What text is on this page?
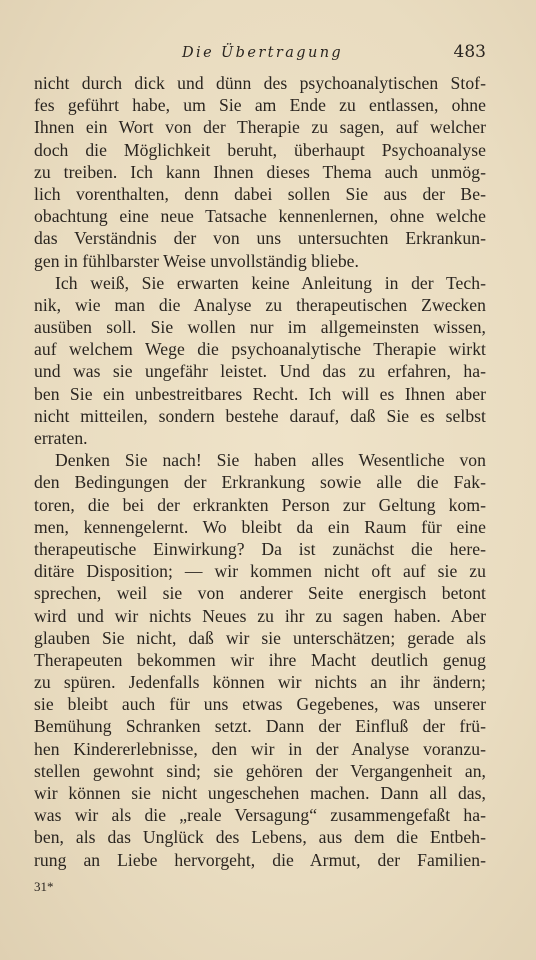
Die Übertragung	483
nicht durch dick und dünn des psychoanalytischen Stof-
fes geführt habe, um Sie am Ende zu entlassen, ohne
Ihnen ein Wort von der Therapie zu sagen, auf welcher
doch die Möglichkeit beruht, überhaupt Psychoanalyse
zu treiben. Ich kann Ihnen dieses Thema auch unmög-
lich vorenthalten, denn dabei sollen Sie aus der Be-
obachtung eine neue Tatsache kennenlernen, ohne welche
das Verständnis der von uns untersuchten Erkrankun-
gen in fühlbarster Weise unvollständig bliebe.
Ich weiß, Sie erwarten keine Anleitung in der Tech-
nik, wie man die Analyse zu therapeutischen Zwecken
ausüben soll. Sie wollen nur im allgemeinsten wissen,
auf welchem Wege die psychoanalytische Therapie wirkt
und was sie ungefähr leistet. Und das zu erfahren, ha-
ben Sie ein unbestreitbares Recht. Ich will es Ihnen aber
nicht mitteilen, sondern bestehe darauf, daß Sie es selbst
erraten.
Denken Sie nach! Sie haben alles Wesentliche von
den Bedingungen der Erkrankung sowie alle die Fak-
toren, die bei der erkrankten Person zur Geltung kom-
men, kennengelernt. Wo bleibt da ein Raum für eine
therapeutische Einwirkung? Da ist zunächst die here-
ditäre Disposition; — wir kommen nicht oft auf sie zu
sprechen, weil sie von anderer Seite energisch betont
wird und wir nichts Neues zu ihr zu sagen haben. Aber
glauben Sie nicht, daß wir sie unterschätzen; gerade als
Therapeuten bekommen wir ihre Macht deutlich genug
zu spüren. Jedenfalls können wir nichts an ihr ändern;
sie bleibt auch für uns etwas Gegebenes, was unserer
Bemühung Schranken setzt. Dann der Einfluß der frü-
hen Kindererlebnisse, den wir in der Analyse voranzu-
stellen gewohnt sind; sie gehören der Vergangenheit an,
wir können sie nicht ungeschehen machen. Dann all das,
was wir als die „reale Versagung“ zusammengefaßt ha-
ben, als das Unglück des Lebens, aus dem die Entbeh-
rung an Liebe hervorgeht, die Armut, der Familien-
31*
